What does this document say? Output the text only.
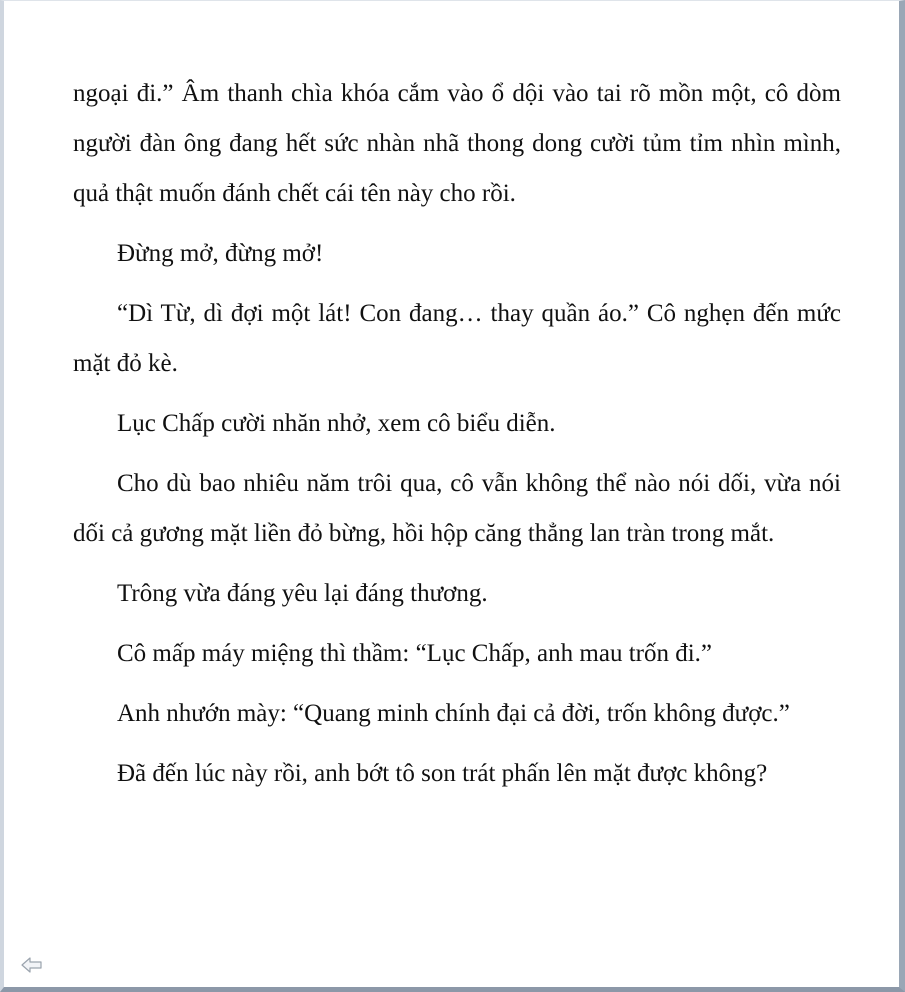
ngoại đi.” Âm thanh chìa khóa cắm vào ổ dội vào tai rõ mồn một, cô dòm người đàn ông đang hết sức nhàn nhã thong dong cười tủm tỉm nhìn mình, quả thật muốn đánh chết cái tên này cho rồi.

Đừng mở, đừng mở!

“Dì Từ, dì đợi một lát! Con đang… thay quần áo.” Cô nghẹn đến mức mặt đỏ kè.

Lục Chấp cười nhăn nhở, xem cô biểu diễn.

Cho dù bao nhiêu năm trôi qua, cô vẫn không thể nào nói dối, vừa nói dối cả gương mặt liền đỏ bừng, hồi hộp căng thẳng lan tràn trong mắt.

Trông vừa đáng yêu lại đáng thương.

Cô mấp máy miệng thì thầm: “Lục Chấp, anh mau trốn đi.”

Anh nhướn mày: “Quang minh chính đại cả đời, trốn không được.”

Đã đến lúc này rồi, anh bớt tô son trát phấn lên mặt được không?
